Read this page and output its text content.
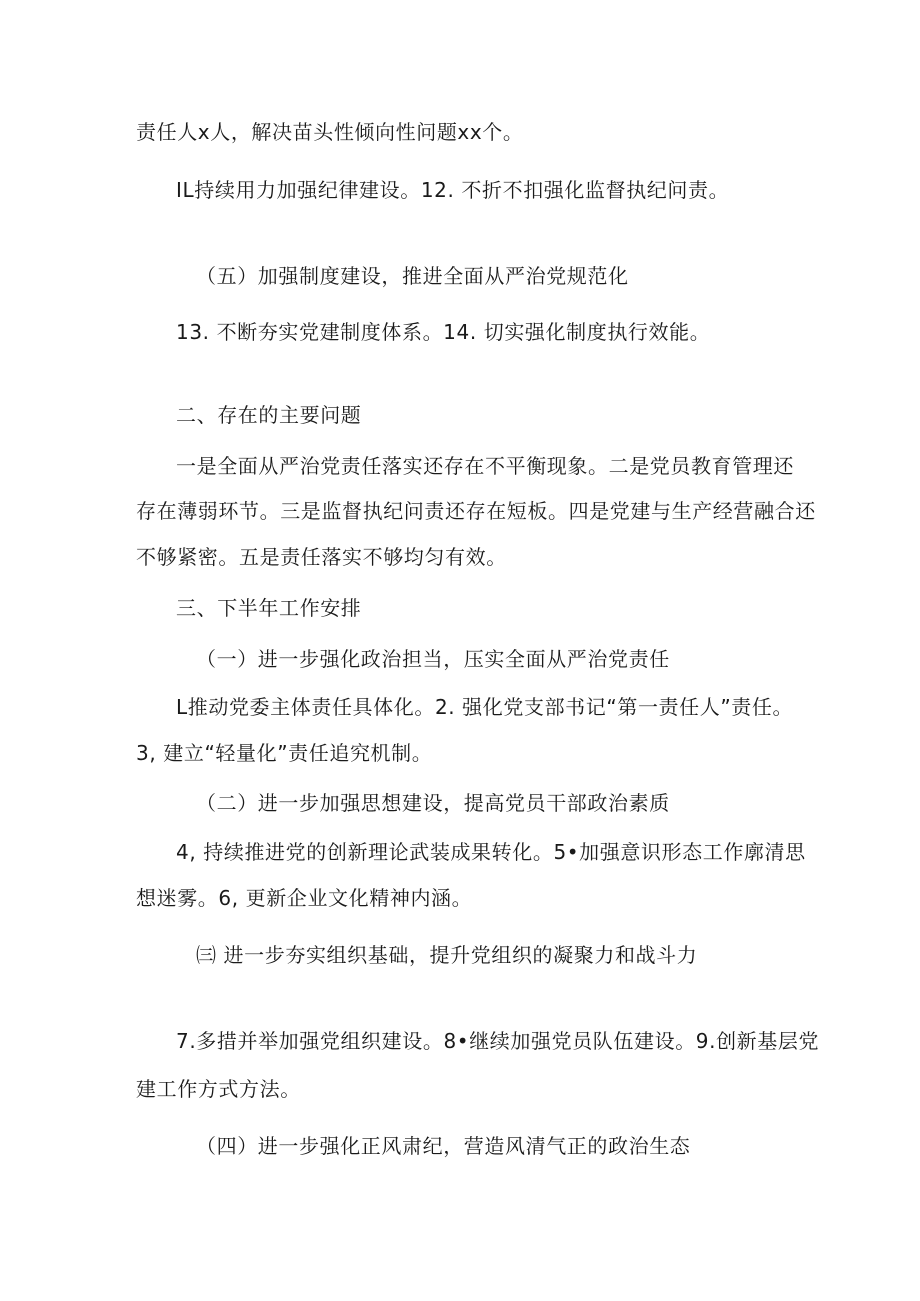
责任人x人，解决苗头性倾向性问题xx个。

IL持续用力加强纪律建设。12. 不折不扣强化监督执纪问责。

（五）加强制度建设，推进全面从严治党规范化

13. 不断夯实党建制度体系。14. 切实强化制度执行效能。

二、存在的主要问题

一是全面从严治党责任落实还存在不平衡现象。二是党员教育管理还

存在薄弱环节。三是监督执纪问责还存在短板。四是党建与生产经营融合还

不够紧密。五是责任落实不够均匀有效。

三、下半年工作安排

（一）进一步强化政治担当，压实全面从严治党责任

L推动党委主体责任具体化。2. 强化党支部书记“第一责任人”责任。

3, 建立“轻量化”责任追究机制。

（二）进一步加强思想建设，提高党员干部政治素质

4, 持续推进党的创新理论武装成果转化。5•加强意识形态工作廓清思

想迷雾。6, 更新企业文化精神内涵。

㈢ 进一步夯实组织基础，提升党组织的凝聚力和战斗力

7.多措并举加强党组织建设。8•继续加强党员队伍建设。9.创新基层党

建工作方式方法。

（四）进一步强化正风肃纪，营造风清气正的政治生态
